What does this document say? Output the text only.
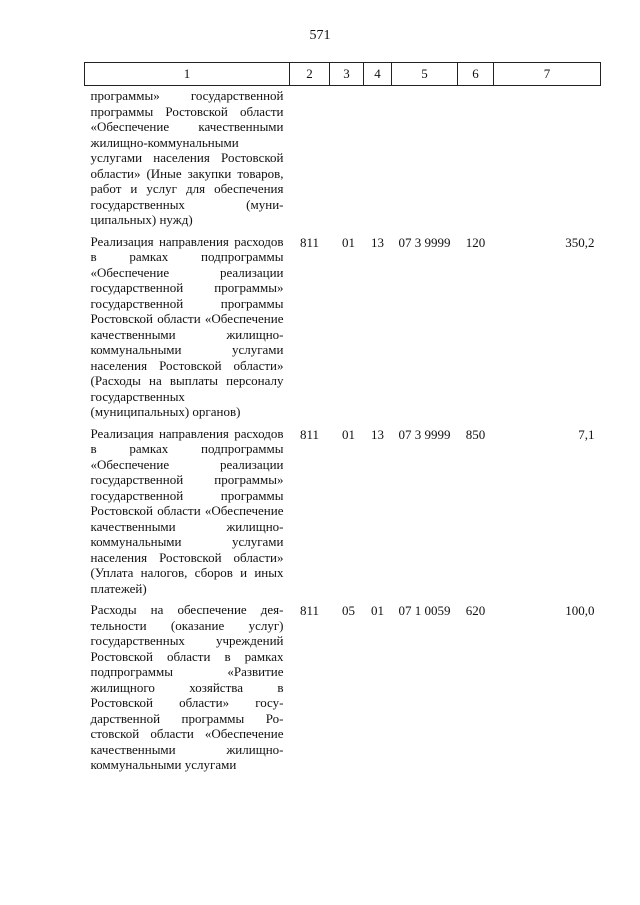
571
1	2	3	4	5	6	7
программы» государственной программы Ростовской области «Обеспечение качественными жилищно-коммунальными услугами населения Ростовской области» (Иные закупки товаров, работ и услуг для обеспечения государственных (муниципальных) нужд)						
Реализация направления расходов в рамках подпрограммы «Обеспечение реализации государственной программы» государственной программы Ростовской области «Обеспечение качественными жилищно-коммунальными услугами населения Ростовской области» (Расходы на выплаты персоналу государственных (муниципальных) органов)	811	01	13	07 3 9999	120	350,2
Реализация направления расходов в рамках подпрограммы «Обеспечение реализации государственной программы» государственной программы Ростовской области «Обеспечение качественными жилищно-коммунальными услугами населения Ростовской области» (Уплата налогов, сборов и иных платежей)	811	01	13	07 3 9999	850	7,1
Расходы на обеспечение деятельности (оказание услуг) государственных учреждений Ростовской области в рамках подпрограммы «Развитие жилищного хозяйства в Ростовской области» государственной программы Ростовской области «Обеспечение качественными жилищно-коммунальными услугами	811	05	01	07 1 0059	620	100,0
